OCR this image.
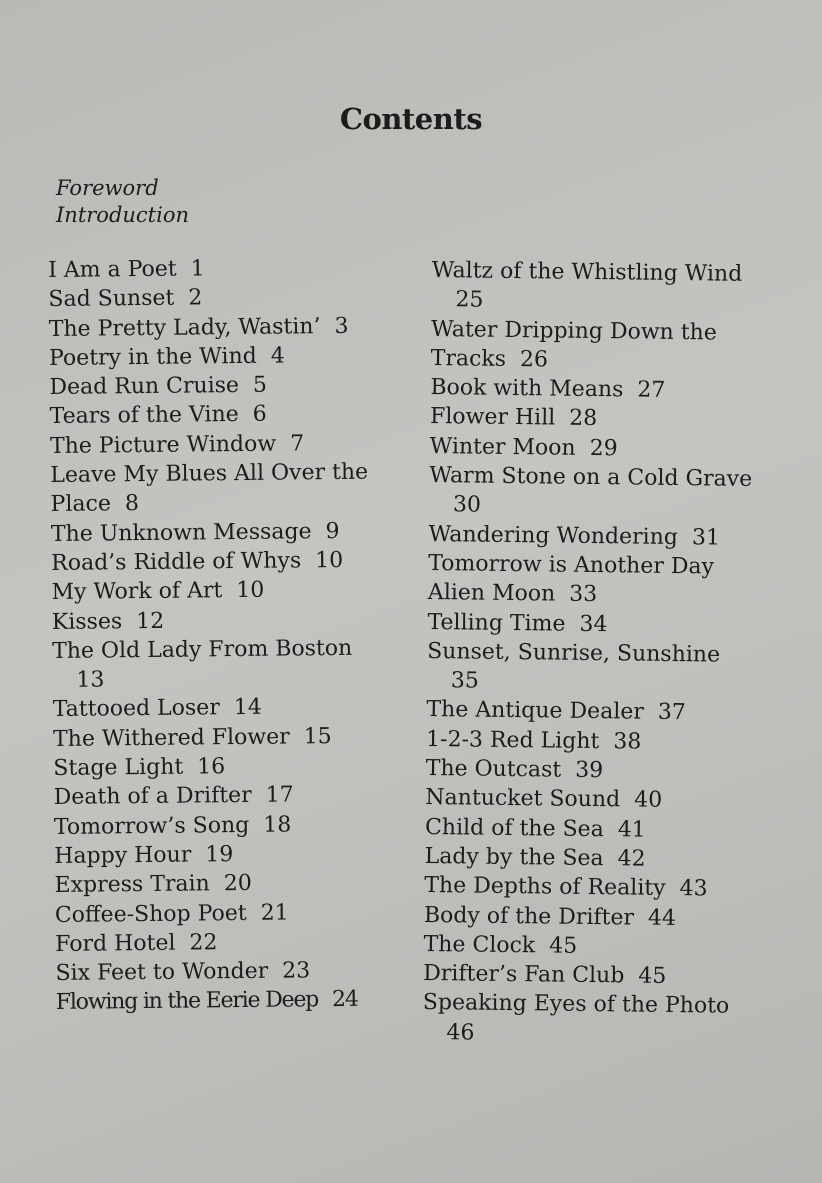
Contents
Foreword
Introduction
I Am a Poet 1
Sad Sunset 2
The Pretty Lady, Wastin’ 3
Poetry in the Wind 4
Dead Run Cruise 5
Tears of the Vine 6
The Picture Window 7
Leave My Blues All Over the Place 8
The Unknown Message 9
Road’s Riddle of Whys 10
My Work of Art 10
Kisses 12
The Old Lady From Boston
13
Tattooed Loser 14
The Withered Flower 15
Stage Light 16
Death of a Drifter 17
Tomorrow’s Song 18
Happy Hour 19
Express Train 20
Coffee-Shop Poet 21
Ford Hotel 22
Six Feet to Wonder 23
Flowing in the Eerie Deep 24
Waltz of the Whistling Wind
25
Water Dripping Down the Tracks 26
Book with Means 27
Flower Hill 28
Winter Moon 29
Warm Stone on a Cold Grave
30
Wandering Wondering 31
Tomorrow is Another Day
Alien Moon 33
Telling Time 34
Sunset, Sunrise, Sunshine
35
The Antique Dealer 37
1-2-3 Red Light 38
The Outcast 39
Nantucket Sound 40
Child of the Sea 41
Lady by the Sea 42
The Depths of Reality 43
Body of the Drifter 44
The Clock 45
Drifter’s Fan Club 45
Speaking Eyes of the Photo
46
